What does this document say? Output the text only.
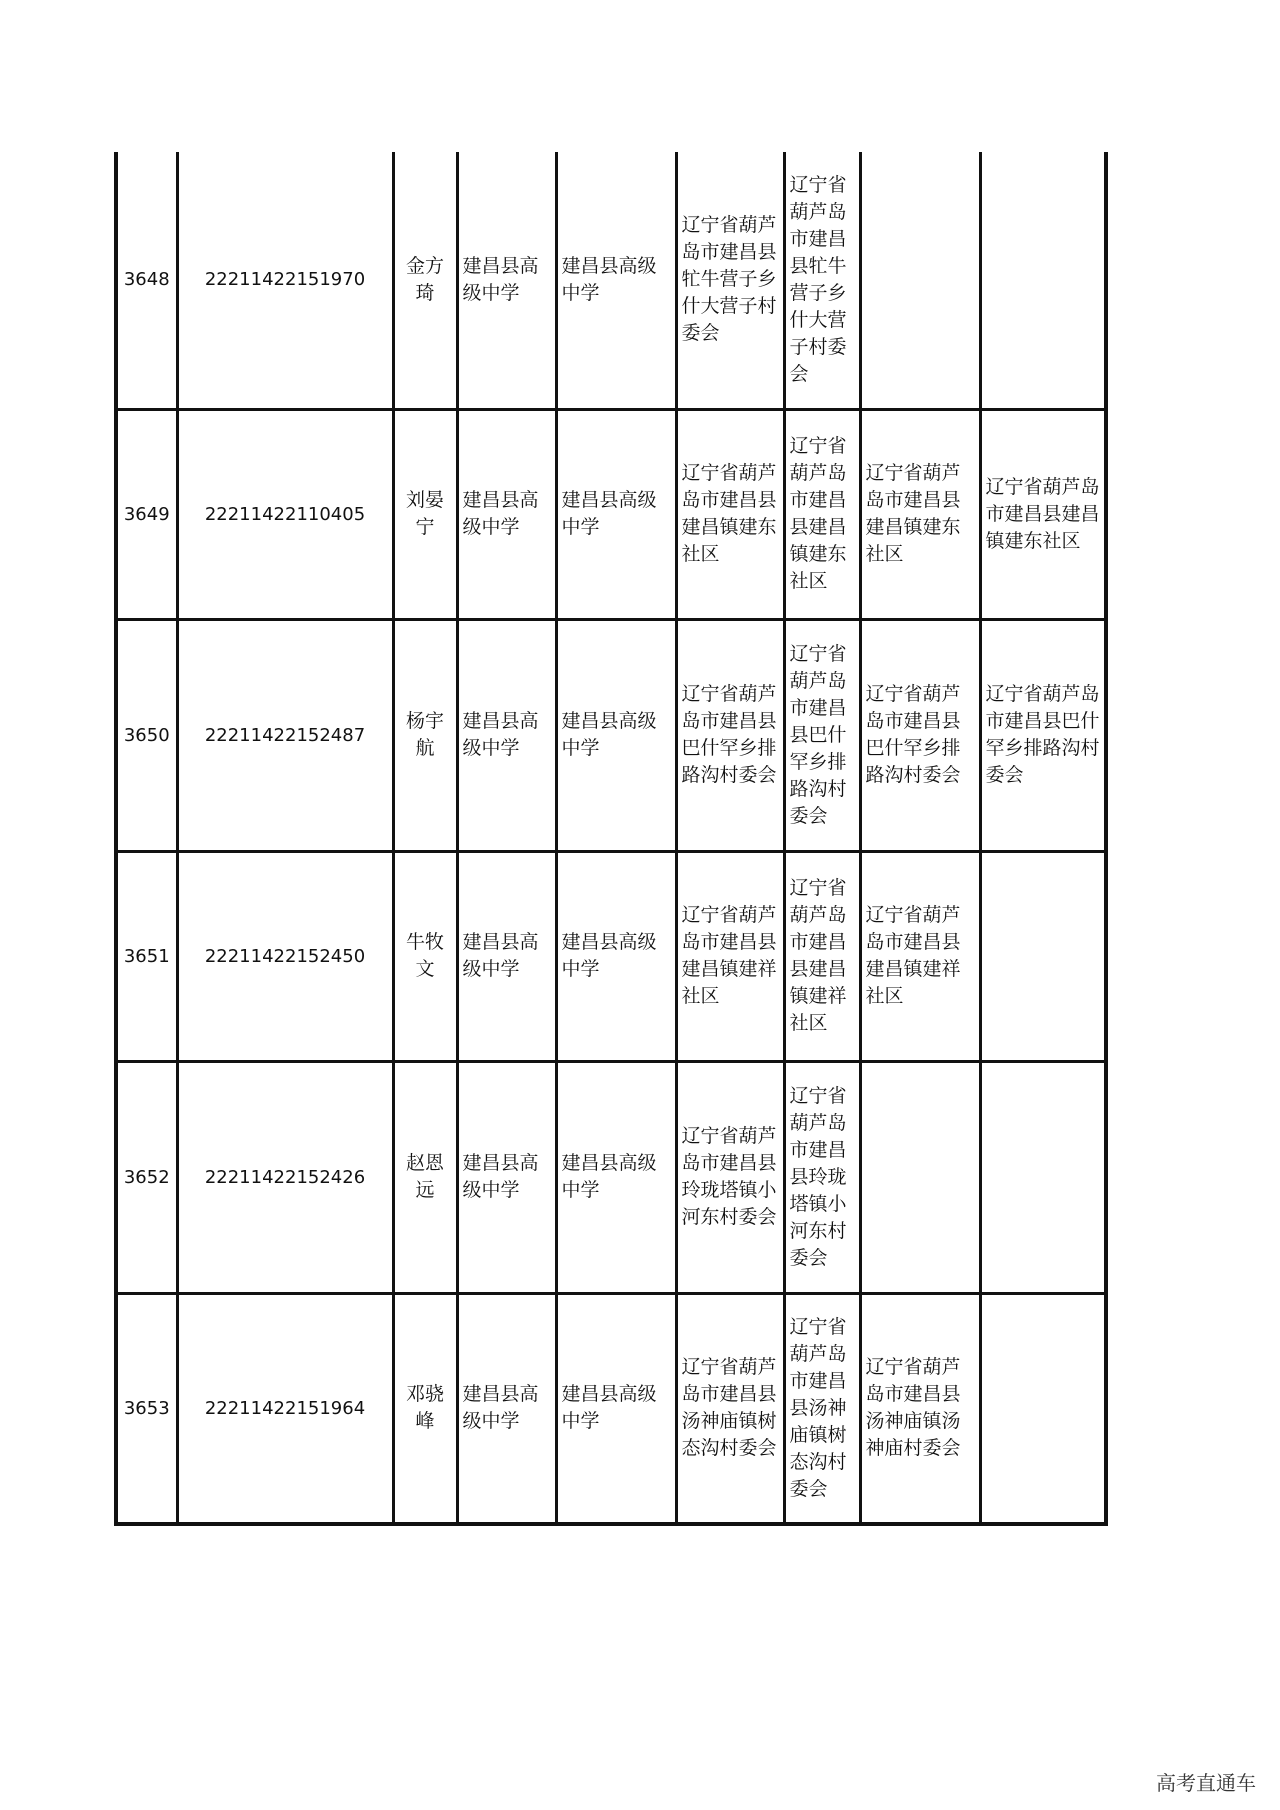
3648	22211422151970	金方琦	建昌县高级中学	建昌县高级中学	辽宁省葫芦岛市建昌县牤牛营子乡什大营子村委会	辽宁省葫芦岛市建昌县牤牛营子乡什大营子村委会		
3649	22211422110405	刘晏宁	建昌县高级中学	建昌县高级中学	辽宁省葫芦岛市建昌县建昌镇建东社区	辽宁省葫芦岛市建昌县建昌镇建东社区	辽宁省葫芦岛市建昌县建昌镇建东社区	辽宁省葫芦岛市建昌县建昌镇建东社区
3650	22211422152487	杨宇航	建昌县高级中学	建昌县高级中学	辽宁省葫芦岛市建昌县巴什罕乡排路沟村委会	辽宁省葫芦岛市建昌县巴什罕乡排路沟村委会	辽宁省葫芦岛市建昌县巴什罕乡排路沟村委会	辽宁省葫芦岛市建昌县巴什罕乡排路沟村委会
3651	22211422152450	牛牧文	建昌县高级中学	建昌县高级中学	辽宁省葫芦岛市建昌县建昌镇建祥社区	辽宁省葫芦岛市建昌县建昌镇建祥社区	辽宁省葫芦岛市建昌县建昌镇建祥社区	
3652	22211422152426	赵恩远	建昌县高级中学	建昌县高级中学	辽宁省葫芦岛市建昌县玲珑塔镇小河东村委会	辽宁省葫芦岛市建昌县玲珑塔镇小河东村委会		
3653	22211422151964	邓骁峰	建昌县高级中学	建昌县高级中学	辽宁省葫芦岛市建昌县汤神庙镇树态沟村委会	辽宁省葫芦岛市建昌县汤神庙镇树态沟村委会	辽宁省葫芦岛市建昌县汤神庙镇汤神庙村委会	
高考直通车
